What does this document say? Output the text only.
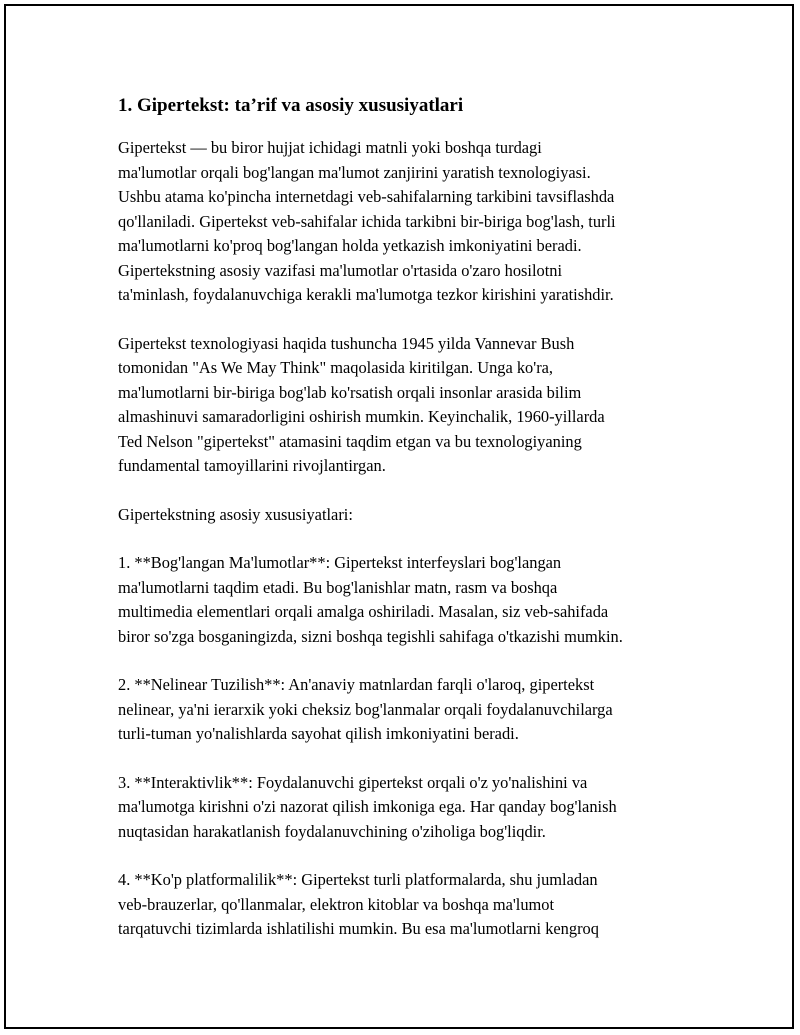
1. Gipertekst: ta’rif va asosiy xususiyatlari
Gipertekst — bu biror hujjat ichidagi matnli yoki boshqa turdagi
ma'lumotlar orqali bog'langan ma'lumot zanjirini yaratish texnologiyasi.
Ushbu atama ko'pincha internetdagi veb-sahifalarning tarkibini tavsiflashda
qo'llaniladi. Gipertekst veb-sahifalar ichida tarkibni bir-biriga bog'lash, turli
ma'lumotlarni ko'proq bog'langan holda yetkazish imkoniyatini beradi.
Gipertekstning asosiy vazifasi ma'lumotlar o'rtasida o'zaro hosilotni
ta'minlash, foydalanuvchiga kerakli ma'lumotga tezkor kirishini yaratishdir.
Gipertekst texnologiyasi haqida tushuncha 1945 yilda Vannevar Bush
tomonidan "As We May Think" maqolasida kiritilgan. Unga ko'ra,
ma'lumotlarni bir-biriga bog'lab ko'rsatish orqali insonlar arasida bilim
almashinuvi samaradorligini oshirish mumkin. Keyinchalik, 1960-yillarda
Ted Nelson "gipertekst" atamasini taqdim etgan va bu texnologiyaning
fundamental tamoyillarini rivojlantirgan.
Gipertekstning asosiy xususiyatlari:
1. **Bog'langan Ma'lumotlar**: Gipertekst interfeyslari bog'langan
ma'lumotlarni taqdim etadi. Bu bog'lanishlar matn, rasm va boshqa
multimedia elementlari orqali amalga oshiriladi. Masalan, siz veb-sahifada
biror so'zga bosganingizda, sizni boshqa tegishli sahifaga o'tkazishi mumkin.
2. **Nelinear Tuzilish**: An'anaviy matnlardan farqli o'laroq, gipertekst
nelinear, ya'ni ierarxik yoki cheksiz bog'lanmalar orqali foydalanuvchilarga
turli-tuman yo'nalishlarda sayohat qilish imkoniyatini beradi.
3. **Interaktivlik**: Foydalanuvchi gipertekst orqali o'z yo'nalishini va
ma'lumotga kirishni o'zi nazorat qilish imkoniga ega. Har qanday bog'lanish
nuqtasidan harakatlanish foydalanuvchining o'ziholiga bog'liqdir.
4. **Ko'p platformalilik**: Gipertekst turli platformalarda, shu jumladan
veb-brauzerlar, qo'llanmalar, elektron kitoblar va boshqa ma'lumot
tarqatuvchi tizimlarda ishlatilishi mumkin. Bu esa ma'lumotlarni kengroq
